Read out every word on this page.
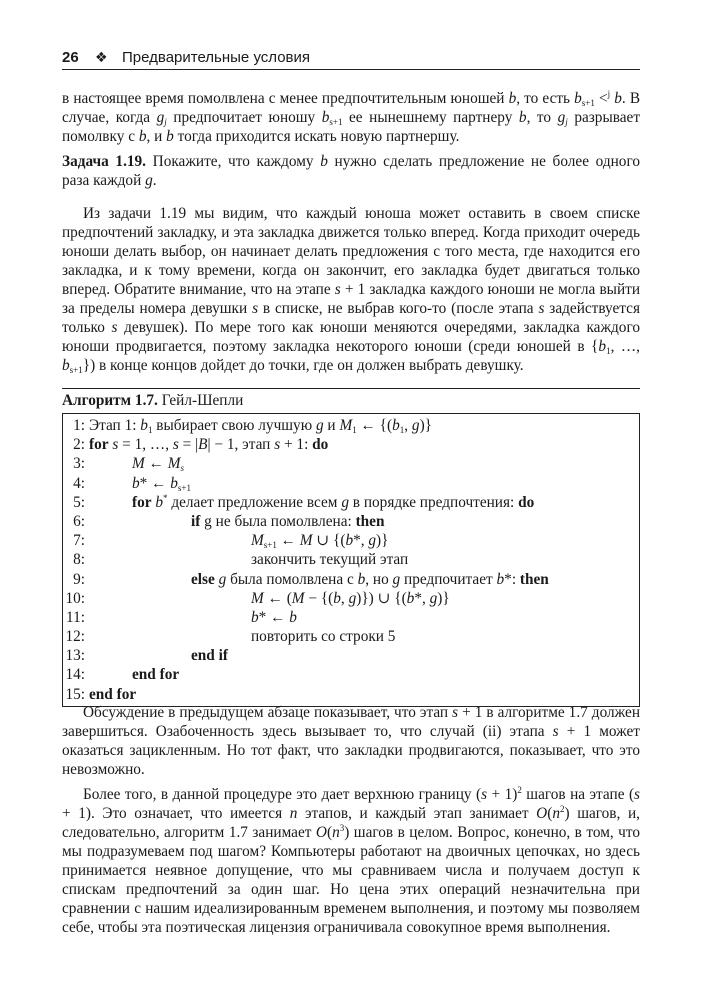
26 ❖ Предварительные условия

в настоящее время помолвлена с менее предпочтительным юношей b, то есть $b_{s+1} <^j$ b. В случае, когда $g_j$ предпочитает юношу $b_{s+1}$ ее нынешнему партнеру b, то $g_j$ разрывает помолвку с b, и b тогда приходится искать новую партнершу.

Задача 1.19. Покажите, что каждому b нужно сделать предложение не более одного раза каждой g.

Из задачи 1.19 мы видим, что каждый юноша может оставить в своем списке предпочтений закладку, и эта закладка движется только вперед. Когда приходит очередь юноши делать выбор, он начинает делать предложения с того места, где находится его закладка, и к тому времени, когда он закончит, его закладка будет двигаться только вперед. Обратите внимание, что на этапе s + 1 закладка каждого юноши не могла выйти за пределы номера девушки s в списке, не выбрав кого-то (после этапа s задействуется только s девушек). По мере того как юноши меняются очередями, закладка каждого юноши продвигается, поэтому закладка некоторого юноши (среди юношей в {$b_1$, …, $b_{s+1}$}) в конце концов дойдет до точки, где он должен выбрать девушку.

Алгоритм 1.7. Гейл-Шепли
1: Этап 1: $b_1$ выбирает свою лучшую g и $M_1$ ← {($b_1$, g)}
2: for s = 1, …, s = |B| − 1, этап s + 1: do
3:	M ← $M_s$
4:	b* ← $b_{s+1}$
5:	for b* делает предложение всем g в порядке предпочтения: do
6:	if g не была помолвлена: then
7:	$M_{s+1}$ ← M ∪ {(b*, g)}
8:	закончить текущий этап
9:	else g была помолвлена с b, но g предпочитает b*: then
10:	M ← (M − {(b, g)}) ∪ {(b*, g)}
11:	b* ← b
12:	повторить со строки 5
13:	end if
14:	end for
15: end for

Обсуждение в предыдущем абзаце показывает, что этап s + 1 в алгоритме 1.7 должен завершиться. Озабоченность здесь вызывает то, что случай (ii) этапа s + 1 может оказаться зацикленным. Но тот факт, что закладки продвигаются, показывает, что это невозможно.

Более того, в данной процедуре это дает верхнюю границу $(s + 1)^2$ шагов на этапе (s + 1). Это означает, что имеется n этапов, и каждый этап занимает $O(n^2)$ шагов, и, следовательно, алгоритм 1.7 занимает $O(n^3)$ шагов в целом. Вопрос, конечно, в том, что мы подразумеваем под шагом? Компьютеры работают на двоичных цепочках, но здесь принимается неявное допущение, что мы сравниваем числа и получаем доступ к спискам предпочтений за один шаг. Но цена этих операций незначительна при сравнении с нашим идеализированным временем выполнения, и поэтому мы позволяем себе, чтобы эта поэтическая лицензия ограничивала совокупное время выполнения.
